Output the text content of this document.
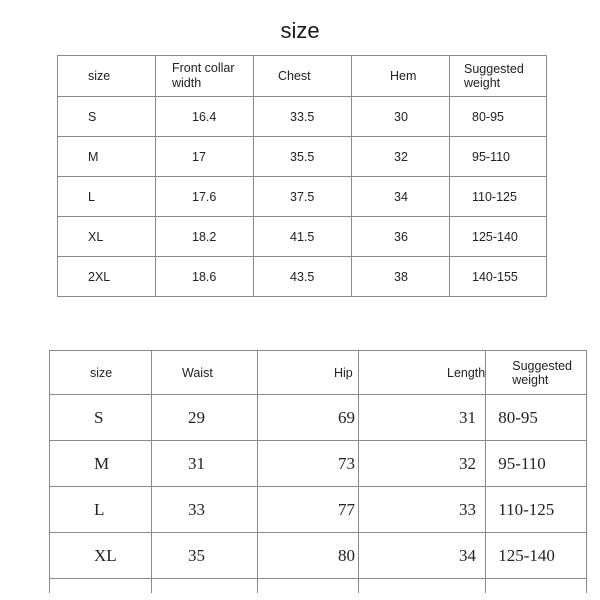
size
size	Front collar width	Chest	Hem	Suggested weight
S	16.4	33.5	30	80-95
M	17	35.5	32	95-110
L	17.6	37.5	34	110-125
XL	18.2	41.5	36	125-140
2XL	18.6	43.5	38	140-155
size	Waist	Hip	Length	Suggested weight
S	29	69	31	80-95
M	31	73	32	95-110
L	33	77	33	110-125
XL	35	80	34	125-140
